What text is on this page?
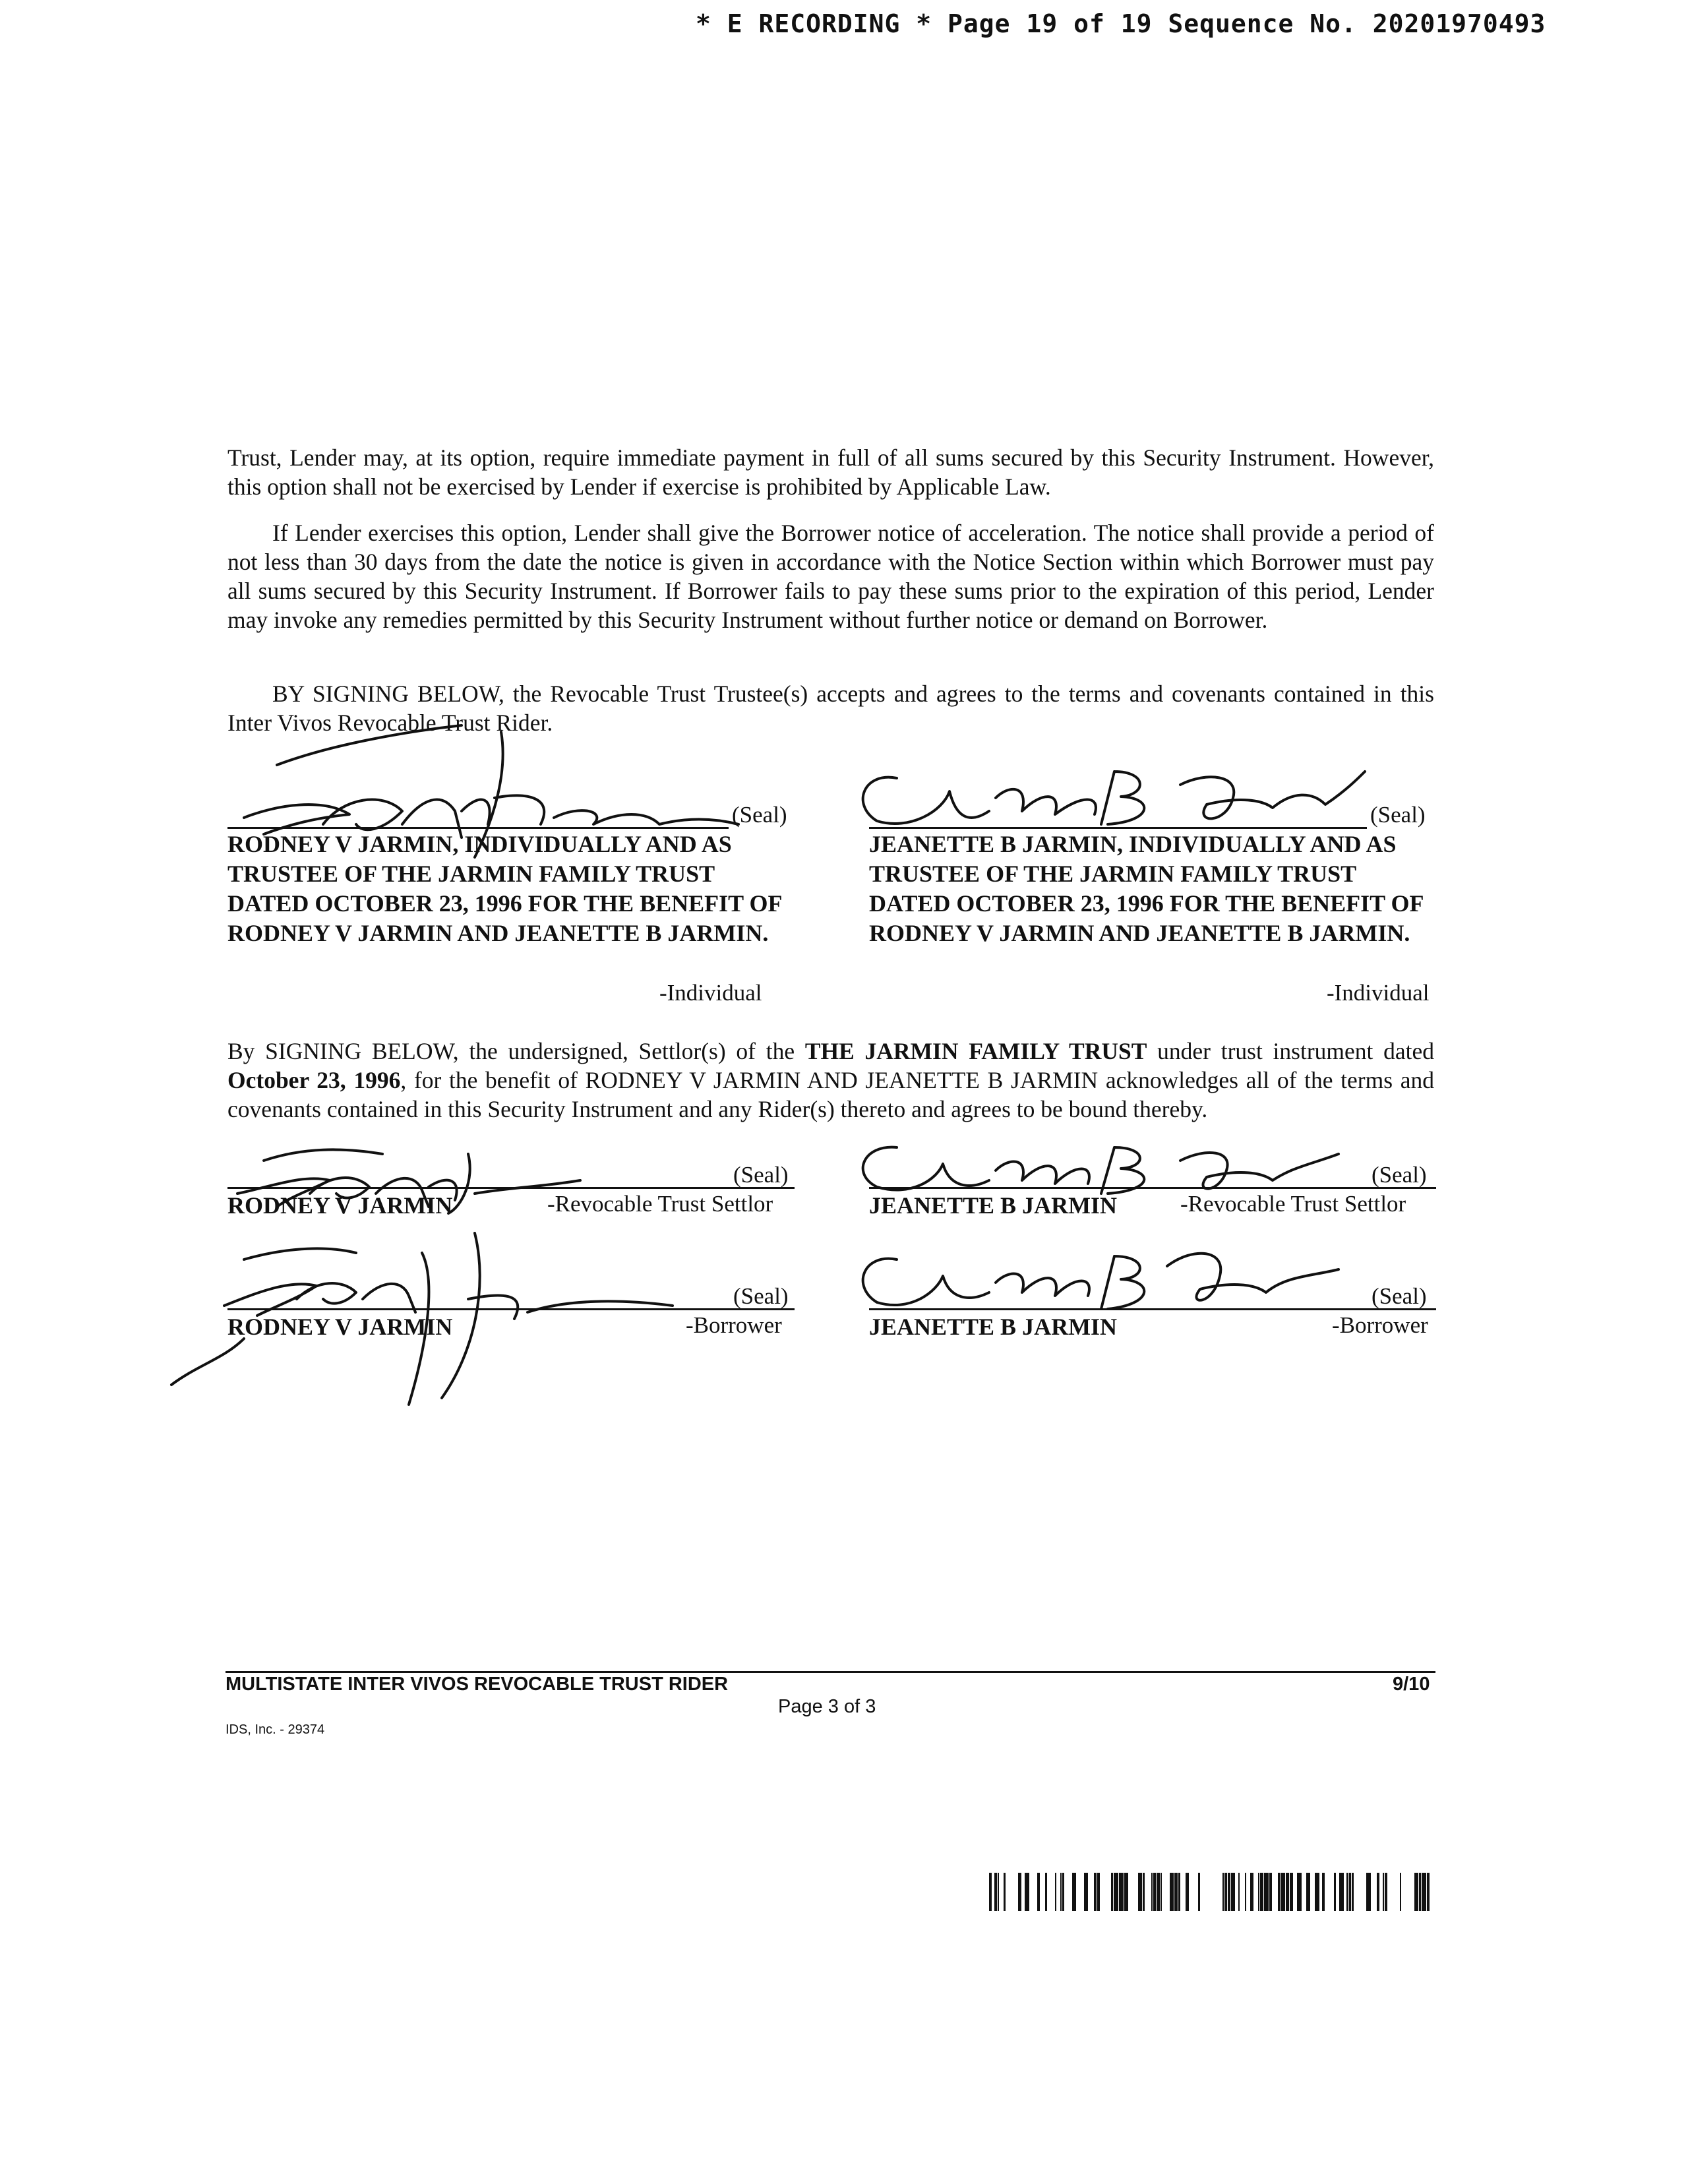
* E RECORDING * Page 19 of 19 Sequence No. 20201970493
Trust, Lender may, at its option, require immediate payment in full of all sums secured by this Security Instrument. However, this option shall not be exercised by Lender if exercise is prohibited by Applicable Law.
If Lender exercises this option, Lender shall give the Borrower notice of acceleration. The notice shall provide a period of not less than 30 days from the date the notice is given in accordance with the Notice Section within which Borrower must pay all sums secured by this Security Instrument. If Borrower fails to pay these sums prior to the expiration of this period, Lender may invoke any remedies permitted by this Security Instrument without further notice or demand on Borrower.
BY SIGNING BELOW, the Revocable Trust Trustee(s) accepts and agrees to the terms and covenants contained in this Inter Vivos Revocable Trust Rider.
(Seal)
RODNEY V JARMIN, INDIVIDUALLY AND AS TRUSTEE OF THE JARMIN FAMILY TRUST DATED OCTOBER 23, 1996 FOR THE BENEFIT OF RODNEY V JARMIN AND JEANETTE B JARMIN.
-Individual
(Seal)
JEANETTE B JARMIN, INDIVIDUALLY AND AS TRUSTEE OF THE JARMIN FAMILY TRUST DATED OCTOBER 23, 1996 FOR THE BENEFIT OF RODNEY V JARMIN AND JEANETTE B JARMIN.
-Individual
By SIGNING BELOW, the undersigned, Settlor(s) of the THE JARMIN FAMILY TRUST under trust instrument dated October 23, 1996, for the benefit of RODNEY V JARMIN AND JEANETTE B JARMIN acknowledges all of the terms and covenants contained in this Security Instrument and any Rider(s) thereto and agrees to be bound thereby.
(Seal)
RODNEY V JARMIN	-Revocable Trust Settlor
(Seal)
JEANETTE B JARMIN	-Revocable Trust Settlor
(Seal)
RODNEY V JARMIN	-Borrower
(Seal)
JEANETTE B JARMIN	-Borrower
MULTISTATE INTER VIVOS REVOCABLE TRUST RIDER	9/10
Page 3 of 3
IDS, Inc. - 29374
